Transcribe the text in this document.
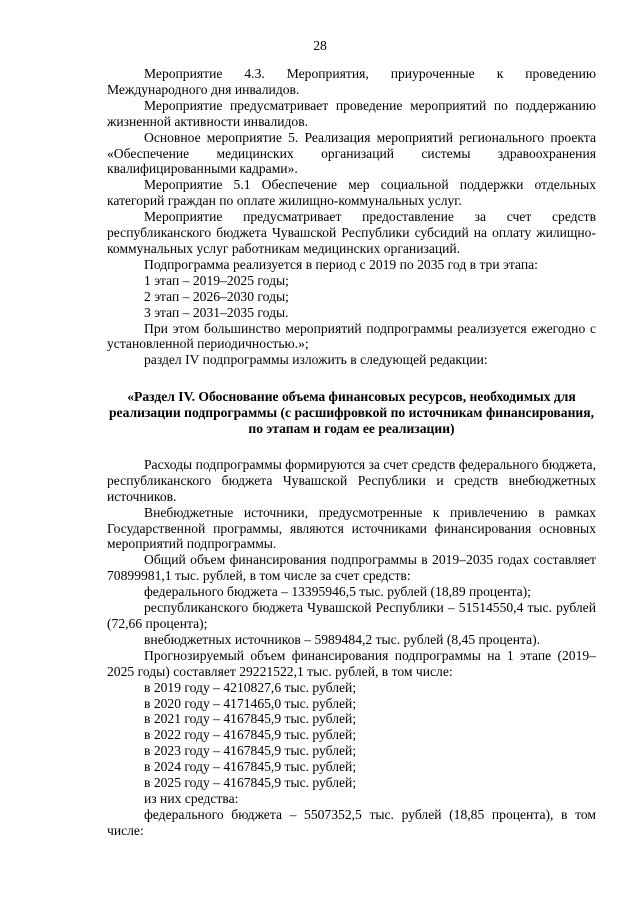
28

Мероприятие 4.3. Мероприятия, приуроченные к проведению Международного дня инвалидов.

Мероприятие предусматривает проведение мероприятий по поддержанию жизненной активности инвалидов.

Основное мероприятие 5. Реализация мероприятий регионального проекта «Обеспечение медицинских организаций системы здравоохранения квалифицированными кадрами».

Мероприятие 5.1 Обеспечение мер социальной поддержки отдельных категорий граждан по оплате жилищно-коммунальных услуг.

Мероприятие предусматривает предоставление за счет средств республиканского бюджета Чувашской Республики субсидий на оплату жилищно-коммунальных услуг работникам медицинских организаций.

Подпрограмма реализуется в период с 2019 по 2035 год в три этапа:

1 этап – 2019–2025 годы;

2 этап – 2026–2030 годы;

3 этап – 2031–2035 годы.

При этом большинство мероприятий подпрограммы реализуется ежегодно с установленной периодичностью.»;

раздел IV подпрограммы изложить в следующей редакции:

«Раздел IV. Обоснование объема финансовых ресурсов, необходимых для реализации подпрограммы (с расшифровкой по источникам финансирования, по этапам и годам ее реализации)

Расходы подпрограммы формируются за счет средств федерального бюджета, республиканского бюджета Чувашской Республики и средств внебюджетных источников.

Внебюджетные источники, предусмотренные к привлечению в рамках Государственной программы, являются источниками финансирования основных мероприятий подпрограммы.

Общий объем финансирования подпрограммы в 2019–2035 годах составляет 70899981,1 тыс. рублей, в том числе за счет средств:

федерального бюджета – 13395946,5 тыс. рублей (18,89 процента);

республиканского бюджета Чувашской Республики – 51514550,4 тыс. рублей (72,66 процента);

внебюджетных источников – 5989484,2 тыс. рублей (8,45 процента).

Прогнозируемый объем финансирования подпрограммы на 1 этапе (2019–2025 годы) составляет 29221522,1 тыс. рублей, в том числе:

в 2019 году – 4210827,6 тыс. рублей;

в 2020 году – 4171465,0 тыс. рублей;

в 2021 году – 4167845,9 тыс. рублей;

в 2022 году – 4167845,9 тыс. рублей;

в 2023 году – 4167845,9 тыс. рублей;

в 2024 году – 4167845,9 тыс. рублей;

в 2025 году – 4167845,9 тыс. рублей;

из них средства:

федерального бюджета – 5507352,5 тыс. рублей (18,85 процента), в том числе:
